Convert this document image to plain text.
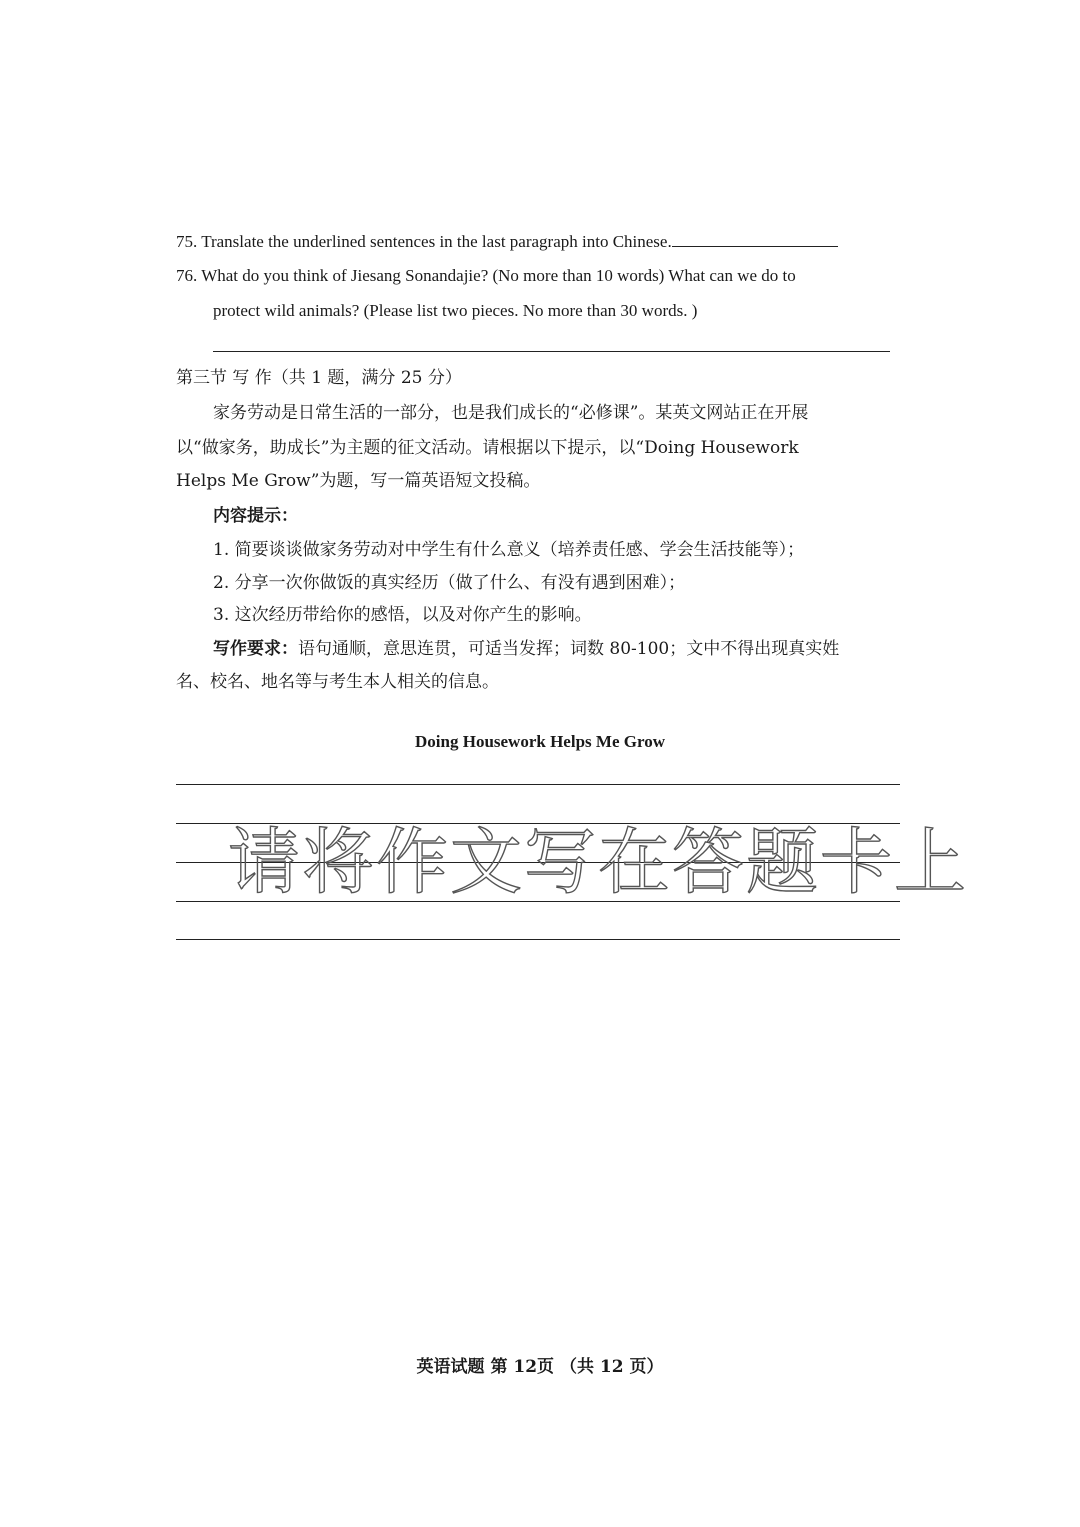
75. Translate the underlined sentences in the last paragraph into Chinese.
76. What do you think of Jiesang Sonandajie? (No more than 10 words) What can we do to
protect wild animals? (Please list two pieces. No more than 30 words. )
第三节 写 作（共 1 题，满分 25 分）
家务劳动是日常生活的一部分，也是我们成长的“必修课”。某英文网站正在开展
以“做家务，助成长”为主题的征文活动。请根据以下提示，以“Doing Housework
Helps Me Grow”为题，写一篇英语短文投稿。
内容提示：
1. 简要谈谈做家务劳动对中学生有什么意义（培养责任感、学会生活技能等）；
2. 分享一次你做饭的真实经历（做了什么、有没有遇到困难）；
3. 这次经历带给你的感悟，以及对你产生的影响。
写作要求：语句通顺，意思连贯，可适当发挥；词数 80-100；文中不得出现真实姓
名、校名、地名等与考生本人相关的信息。
Doing Housework Helps Me Grow
请将作文写在答题卡上
英语试题 第 12页 （共 12 页）
